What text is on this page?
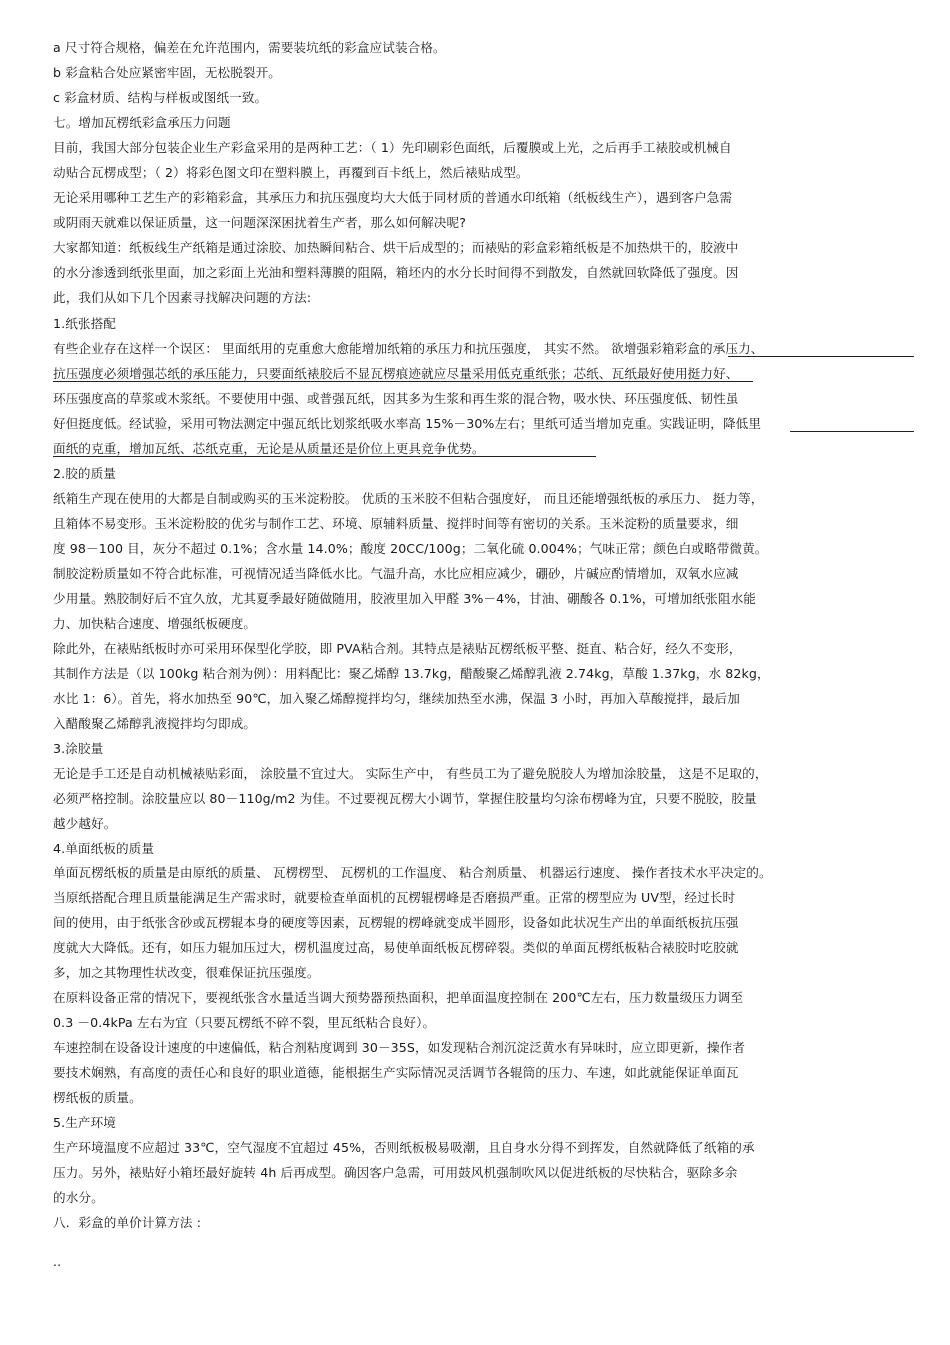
a 尺寸符合规格，偏差在允许范围内，需要装坑纸的彩盒应试装合格。
b 彩盒粘合处应紧密牢固，无松脱裂开。
c 彩盒材质、结构与样板或图纸一致。
七。增加瓦楞纸彩盒承压力问题
目前，我国大部分包装企业生产彩盒采用的是两种工艺：（ 1）先印刷彩色面纸，后覆膜或上光，之后再手工裱胶或机械自
动贴合瓦楞成型；（ 2）将彩色图文印在塑料膜上，再覆到百卡纸上，然后裱贴成型。
无论采用哪种工艺生产的彩箱彩盒，其承压力和抗压强度均大大低于同材质的普通水印纸箱（纸板线生产），遇到客户急需
或阴雨天就难以保证质量，这一问题深深困扰着生产者，那么如何解决呢?
大家都知道：纸板线生产纸箱是通过涂胶、加热瞬间粘合、烘干后成型的；而裱贴的彩盒彩箱纸板是不加热烘干的，胶液中
的水分渗透到纸张里面，加之彩面上光油和塑料薄膜的阻隔，箱坯内的水分长时间得不到散发，自然就回软降低了强度。因
此，我们从如下几个因素寻找解决问题的方法:
1.纸张搭配
有些企业存在这样一个误区： 里面纸用的克重愈大愈能增加纸箱的承压力和抗压强度， 其实不然。 欲增强彩箱彩盒的承压力、
抗压强度必须增强芯纸的承压能力，只要面纸裱胶后不显瓦楞痕迹就应尽量采用低克重纸张；芯纸、瓦纸最好使用挺力好、
环压强度高的草浆或木浆纸。不要使用中强、或普强瓦纸，因其多为生浆和再生浆的混合物，吸水快、环压强度低、韧性虽
好但挺度低。经试验，采用可物法测定中强瓦纸比划浆纸吸水率高 15%－30%左右；里纸可适当增加克重。实践证明，降低里
面纸的克重，增加瓦纸、芯纸克重，无论是从质量还是价位上更具竞争优势。
2.胶的质量
纸箱生产现在使用的大都是自制或购买的玉米淀粉胶。 优质的玉米胶不但粘合强度好， 而且还能增强纸板的承压力、 挺力等，
且箱体不易变形。玉米淀粉胶的优劣与制作工艺、环境、原辅料质量、搅拌时间等有密切的关系。玉米淀粉的质量要求，细
度 98－100 目，灰分不超过 0.1%；含水量 14.0%；酸度 20CC/100g；二氧化硫 0.004%；气味正常；颜色白或略带微黄。
制胶淀粉质量如不符合此标准，可视情况适当降低水比。气温升高，水比应相应减少，硼砂，片碱应酌情增加，双氧水应减
少用量。熟胶制好后不宜久放，尤其夏季最好随做随用，胶液里加入甲醛 3%－4%，甘油、硼酸各 0.1%，可增加纸张阻水能
力、加快粘合速度、增强纸板硬度。
除此外，在裱贴纸板时亦可采用环保型化学胶，即 PVA粘合剂。其特点是裱贴瓦楞纸板平整、挺直、粘合好，经久不变形，
其制作方法是（以 100kg 粘合剂为例）：用料配比：聚乙烯醇 13.7kg，醋酸聚乙烯醇乳液 2.74kg，草酸 1.37kg，水 82kg，
水比 1：6）。首先，将水加热至 90℃，加入聚乙烯醇搅拌均匀，继续加热至水沸，保温 3 小时，再加入草酸搅拌，最后加
入醋酸聚乙烯醇乳液搅拌均匀即成。
3.涂胶量
无论是手工还是自动机械裱贴彩面， 涂胶量不宜过大。 实际生产中， 有些员工为了避免脱胶人为增加涂胶量， 这是不足取的，
必须严格控制。涂胶量应以 80－110g/m2 为佳。不过要视瓦楞大小调节，掌握住胶量均匀涂布楞峰为宜，只要不脱胶，胶量
越少越好。
4.单面纸板的质量
单面瓦楞纸板的质量是由原纸的质量、 瓦楞楞型、 瓦楞机的工作温度、 粘合剂质量、 机器运行速度、 操作者技术水平决定的。
当原纸搭配合理且质量能满足生产需求时，就要检查单面机的瓦楞辊楞峰是否磨损严重。正常的楞型应为 UV型，经过长时
间的使用，由于纸张含砂或瓦楞辊本身的硬度等因素，瓦楞辊的楞峰就变成半圆形，设备如此状况生产出的单面纸板抗压强
度就大大降低。还有，如压力辊加压过大，楞机温度过高，易使单面纸板瓦楞碎裂。类似的单面瓦楞纸板粘合裱胶时吃胶就
多，加之其物理性状改变，很难保证抗压强度。
在原料设备正常的情况下，要视纸张含水量适当调大预势器预热面积，把单面温度控制在 200℃左右，压力数量级压力调至
0.3 －0.4kPa 左右为宜（只要瓦楞纸不碎不裂，里瓦纸粘合良好）。
车速控制在设备设计速度的中速偏低，粘合剂粘度调到 30－35S，如发现粘合剂沉淀泛黄水有异味时，应立即更新，操作者
要技术娴熟，有高度的责任心和良好的职业道德，能根据生产实际情况灵活调节各辊筒的压力、车速，如此就能保证单面瓦
楞纸板的质量。
5.生产环境
生产环境温度不应超过 33℃，空气湿度不宜超过 45%，否则纸板极易吸潮，且自身水分得不到挥发，自然就降低了纸箱的承
压力。另外，裱贴好小箱坯最好旋转 4h 后再成型。确因客户急需，可用鼓风机强制吹风以促进纸板的尽快粘合，驱除多余
的水分。
八．彩盒的单价计算方法 :
..
